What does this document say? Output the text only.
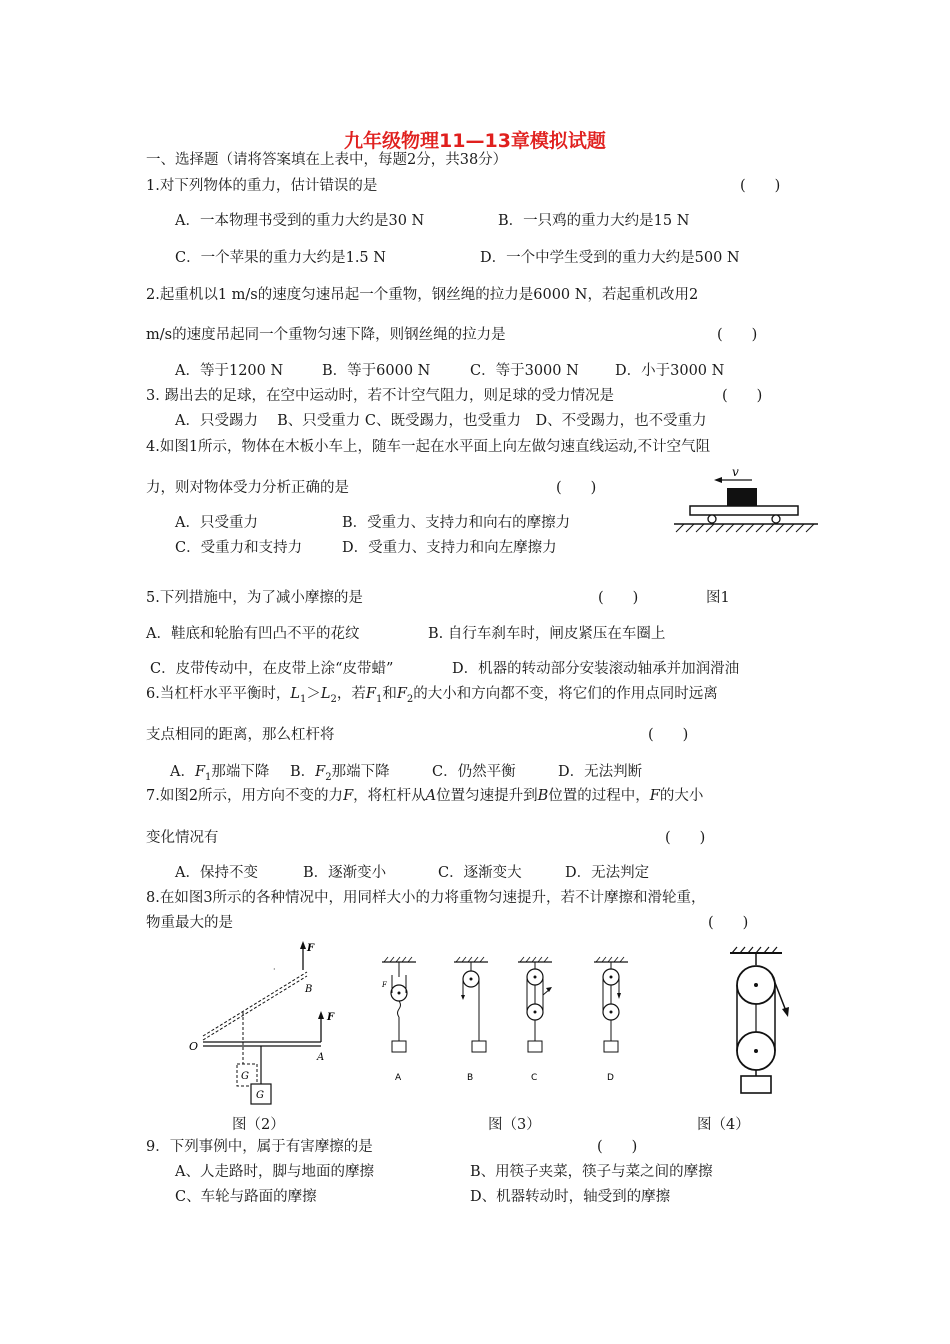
九年级物理11—13章模拟试题
一、选择题（请将答案填在上表中，每题2分，共38分）
1.对下列物体的重力，估计错误的是	(　　)
A．一本物理书受到的重力大约是30 N	B．一只鸡的重力大约是15 N
C．一个苹果的重力大约是1.5 N	D．一个中学生受到的重力大约是500 N
2.起重机以1 m/s的速度匀速吊起一个重物，钢丝绳的拉力是6000 N，若起重机改用2
m/s的速度吊起同一个重物匀速下降，则钢丝绳的拉力是	(　　)
A．等于1200 N	B．等于6000 N	C．等于3000 N D．小于3000 N
3. 踢出去的足球，在空中运动时，若不计空气阻力，则足球的受力情况是	(　　)
A．只受踢力　 B、只受重力 C、既受踢力，也受重力　D、不受踢力，也不受重力
4.如图1所示，物体在木板小车上，随车一起在水平面上向左做匀速直线运动,不计空气阻
力，则对物体受力分析正确的是	(　　)
A．只受重力	B．受重力、支持力和向右的摩擦力
C．受重力和支持力	D．受重力、支持力和向左摩擦力
v
5.下列措施中，为了减小摩擦的是	(　　)	图1
A．鞋底和轮胎有凹凸不平的花纹	B. 自行车刹车时，闸皮紧压在车圈上
C．皮带传动中，在皮带上涂“皮带蜡”	D．机器的转动部分安装滚动轴承并加润滑油
6.当杠杆水平平衡时，$L_1>L_2$，若$F_1$和$F_2$的大小和方向都不变，将它们的作用点同时远离
支点相同的距离，那么杠杆将	(　　)
A．$F_1$那端下降 B．$F_2$那端下降	C．仍然平衡	D．无法判断
7.如图2所示，用方向不变的力F，将杠杆从A位置匀速提升到B位置的过程中，F的大小
变化情况有	(　　)
A．保持不变	B．逐渐变小	C．逐渐变大	D．无法判定
8.在如图3所示的各种情况中，用同样大小的力将重物匀速提升，若不计摩擦和滑轮重，
物重最大的是	(　　)
F
B
G
·
F
O
A
G
F
A	B	C	D
图（2）	图（3）	图（4）
9．下列事例中，属于有害摩擦的是	(　　)
A、人走路时，脚与地面的摩擦	B、用筷子夹菜，筷子与菜之间的摩擦
C、车轮与路面的摩擦	D、机器转动时，轴受到的摩擦
